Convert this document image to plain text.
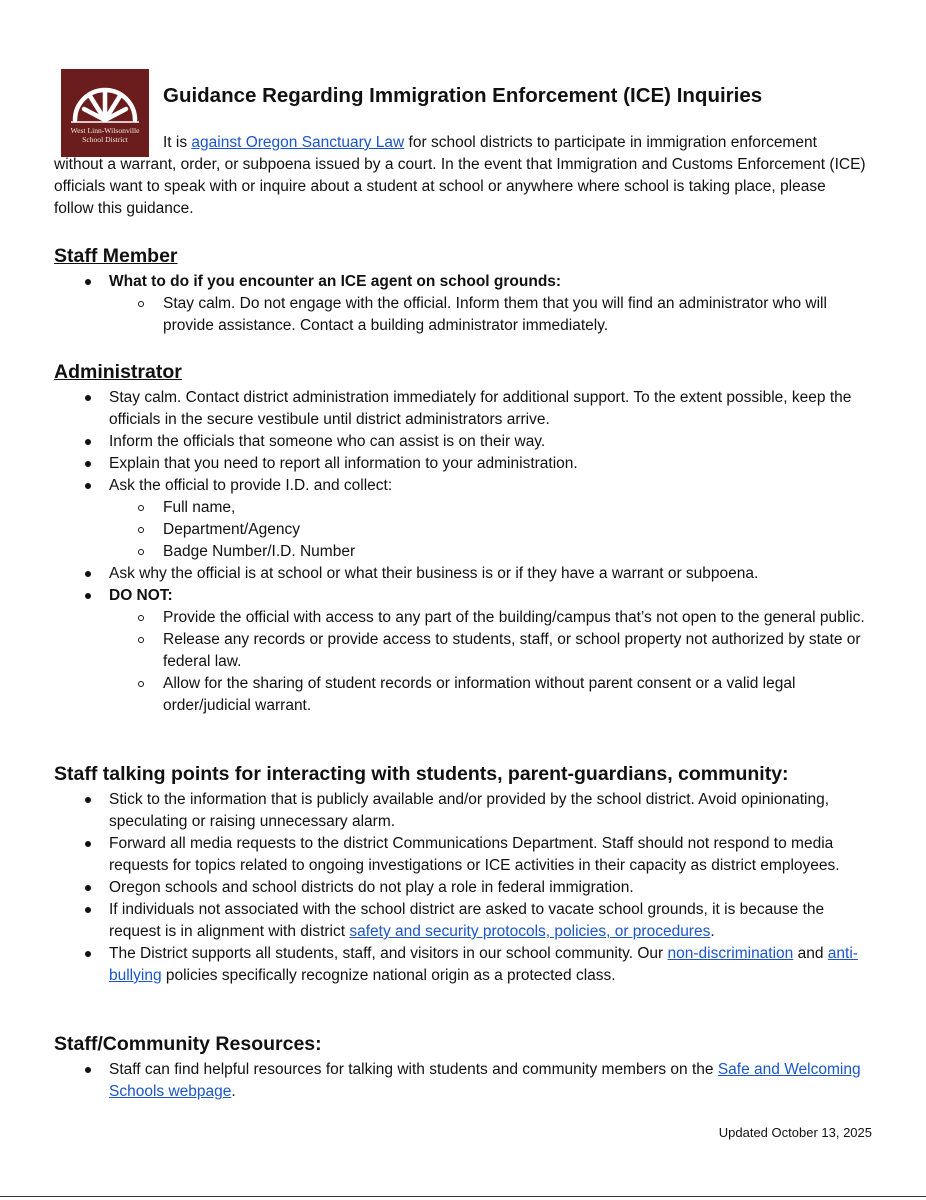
West Linn-Wilsonville
School District
Guidance Regarding Immigration Enforcement (ICE) Inquiries

It is against Oregon Sanctuary Law for school districts to participate in immigration enforcement without a warrant, order, or subpoena issued by a court. In the event that Immigration and Customs Enforcement (ICE) officials want to speak with or inquire about a student at school or anywhere where school is taking place, please follow this guidance.

Staff Member
What to do if you encounter an ICE agent on school grounds:
Stay calm. Do not engage with the official. Inform them that you will find an administrator who will provide assistance. Contact a building administrator immediately.
Administrator
Stay calm. Contact district administration immediately for additional support. To the extent possible, keep the officials in the secure vestibule until district administrators arrive.
Inform the officials that someone who can assist is on their way.
Explain that you need to report all information to your administration.
Ask the official to provide I.D. and collect:
Full name,
Department/Agency
Badge Number/I.D. Number
Ask why the official is at school or what their business is or if they have a warrant or subpoena.
DO NOT:
Provide the official with access to any part of the building/campus that’s not open to the general public.
Release any records or provide access to students, staff, or school property not authorized by state or federal law.
Allow for the sharing of student records or information without parent consent or a valid legal order/judicial warrant.
Staff talking points for interacting with students, parent-guardians, community:
Stick to the information that is publicly available and/or provided by the school district. Avoid opinionating, speculating or raising unnecessary alarm.
Forward all media requests to the district Communications Department. Staff should not respond to media requests for topics related to ongoing investigations or ICE activities in their capacity as district employees.
Oregon schools and school districts do not play a role in federal immigration.
If individuals not associated with the school district are asked to vacate school grounds, it is because the request is in alignment with district safety and security protocols, policies, or procedures.
The District supports all students, staff, and visitors in our school community. Our non-discrimination and anti-bullying policies specifically recognize national origin as a protected class.
Staff/Community Resources:
Staff can find helpful resources for talking with students and community members on the Safe and Welcoming Schools webpage.

Updated October 13, 2025
